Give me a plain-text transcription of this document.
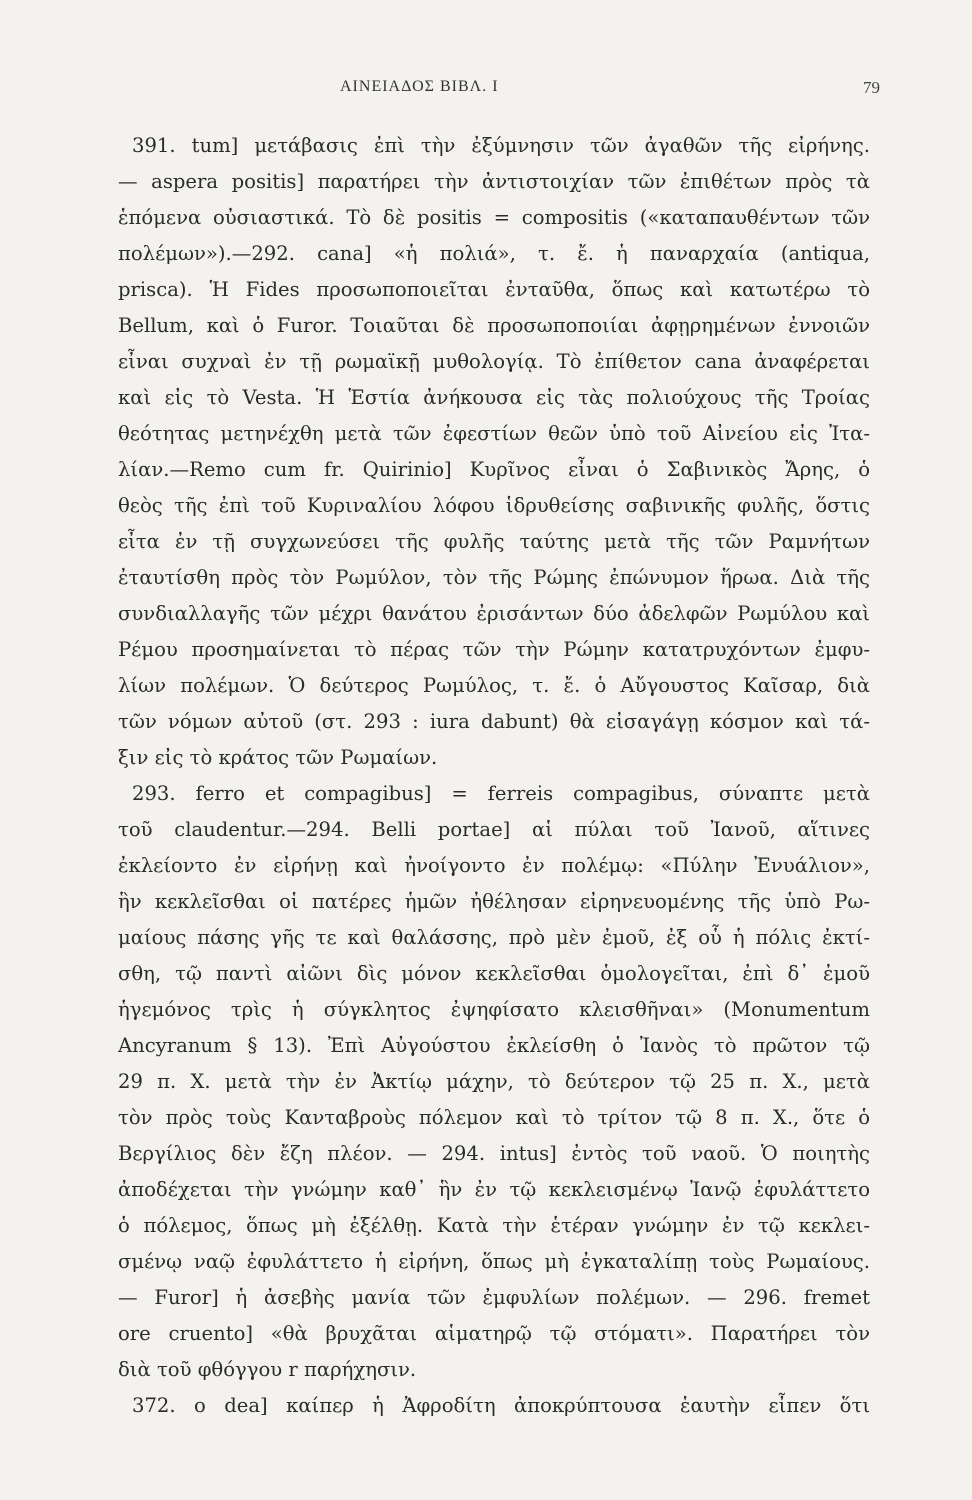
ΑΙΝΕΙΑΔΟΣ ΒΙΒΛ. Ι	79
391. tum] μετάβασις ἐπὶ τὴν ἐξύμνησιν τῶν ἀγαθῶν τῆς εἰρήνης.
— aspera positis] παρατήρει τὴν ἀντιστοιχίαν τῶν ἐπιθέτων πρὸς τὰ
ἑπόμενα οὐσιαστικά. Τὸ δὲ positis = compositis («καταπαυθέντων τῶν
πολέμων»).—292. cana] «ἡ πολιά», τ. ἔ. ἡ παναρχαία (antiqua,
prisca). Ἡ Fides προσωποποιεῖται ἐνταῦθα, ὅπως καὶ κατωτέρω τὸ
Bellum, καὶ ὁ Furor. Τοιαῦται δὲ προσωποποιίαι ἀφῃρημένων ἐννοιῶν
εἶναι συχναὶ ἐν τῇ ρωμαϊκῇ μυθολογίᾳ. Τὸ ἐπίθετον cana ἀναφέρεται
καὶ εἰς τὸ Vesta. Ἡ Ἑστία ἀνήκουσα εἰς τὰς πολιούχους τῆς Τροίας
θεότητας μετηνέχθη μετὰ τῶν ἐφεστίων θεῶν ὑπὸ τοῦ Αἰνείου εἰς Ἰτα-
λίαν.—Remo cum fr. Quirinio] Κυρῖνος εἶναι ὁ Σαβινικὸς Ἄρης, ὁ
θεὸς τῆς ἐπὶ τοῦ Κυριναλίου λόφου ἱδρυθείσης σαβινικῆς φυλῆς, ὅστις
εἶτα ἐν τῇ συγχωνεύσει τῆς φυλῆς ταύτης μετὰ τῆς τῶν Ραμνήτων
ἐταυτίσθη πρὸς τὸν Ρωμύλον, τὸν τῆς Ρώμης ἐπώνυμον ἥρωα. Διὰ τῆς
συνδιαλλαγῆς τῶν μέχρι θανάτου ἐρισάντων δύο ἀδελφῶν Ρωμύλου καὶ
Ρέμου προσημαίνεται τὸ πέρας τῶν τὴν Ρώμην κατατρυχόντων ἐμφυ-
λίων πολέμων. Ὁ δεύτερος Ρωμύλος, τ. ἔ. ὁ Αὔγουστος Καῖσαρ, διὰ
τῶν νόμων αὐτοῦ (στ. 293 : iura dabunt) θὰ εἰσαγάγῃ κόσμον καὶ τά-
ξιν εἰς τὸ κράτος τῶν Ρωμαίων.
293. ferro et compagibus] = ferreis compagibus, σύναπτε μετὰ
τοῦ claudentur.—294. Belli portae] αἱ πύλαι τοῦ Ἰανοῦ, αἵτινες
ἐκλείοντο ἐν εἰρήνῃ καὶ ἠνοίγοντο ἐν πολέμῳ: «Πύλην Ἐνυάλιον»,
ἣν κεκλεῖσθαι οἱ πατέρες ἡμῶν ἠθέλησαν εἰρηνευομένης τῆς ὑπὸ Ρω-
μαίους πάσης γῆς τε καὶ θαλάσσης, πρὸ μὲν ἐμοῦ, ἐξ οὗ ἡ πόλις ἐκτί-
σθη, τῷ παντὶ αἰῶνι δὶς μόνον κεκλεῖσθαι ὁμολογεῖται, ἐπὶ δ᾽ ἐμοῦ
ἡγεμόνος τρὶς ἡ σύγκλητος ἐψηφίσατο κλεισθῆναι» (Monumentum
Ancyranum § 13). Ἐπὶ Αὐγούστου ἐκλείσθη ὁ Ἰανὸς τὸ πρῶτον τῷ
29 π. Χ. μετὰ τὴν ἐν Ἀκτίῳ μάχην, τὸ δεύτερον τῷ 25 π. Χ., μετὰ
τὸν πρὸς τοὺς Κανταβροὺς πόλεμον καὶ τὸ τρίτον τῷ 8 π. Χ., ὅτε ὁ
Βεργίλιος δὲν ἔζη πλέον. — 294. intus] ἐντὸς τοῦ ναοῦ. Ὁ ποιητὴς
ἀποδέχεται τὴν γνώμην καθ᾽ ἣν ἐν τῷ κεκλεισμένῳ Ἰανῷ ἐφυλάττετο
ὁ πόλεμος, ὅπως μὴ ἐξέλθῃ. Κατὰ τὴν ἑτέραν γνώμην ἐν τῷ κεκλει-
σμένῳ ναῷ ἐφυλάττετο ἡ εἰρήνη, ὅπως μὴ ἐγκαταλίπῃ τοὺς Ρωμαίους.
— Furor] ἡ ἀσεβὴς μανία τῶν ἐμφυλίων πολέμων. — 296. fremet
ore cruento] «θὰ βρυχᾶται αἱματηρῷ τῷ στόματι». Παρατήρει τὸν
διὰ τοῦ φθόγγου r παρήχησιν.
372. o dea] καίπερ ἡ Ἀφροδίτη ἀποκρύπτουσα ἑαυτὴν εἶπεν ὅτι
